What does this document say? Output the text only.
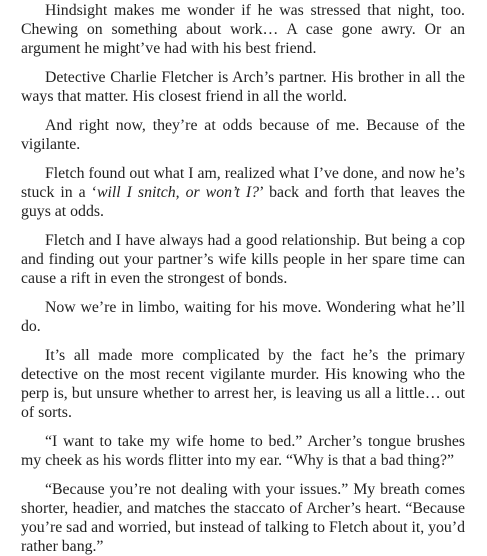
Hindsight makes me wonder if he was stressed that night, too. Chewing on something about work… A case gone awry. Or an argument he might’ve had with his best friend.

Detective Charlie Fletcher is Arch’s partner. His brother in all the ways that matter. His closest friend in all the world.

And right now, they’re at odds because of me. Because of the vigilante.

Fletch found out what I am, realized what I’ve done, and now he’s stuck in a ‘will I snitch, or won’t I?’ back and forth that leaves the guys at odds.

Fletch and I have always had a good relationship. But being a cop and finding out your partner’s wife kills people in her spare time can cause a rift in even the strongest of bonds.

Now we’re in limbo, waiting for his move. Wondering what he’ll do.

It’s all made more complicated by the fact he’s the primary detective on the most recent vigilante murder. His knowing who the perp is, but unsure whether to arrest her, is leaving us all a little… out of sorts.

“I want to take my wife home to bed.” Archer’s tongue brushes my cheek as his words flitter into my ear. “Why is that a bad thing?”

“Because you’re not dealing with your issues.” My breath comes shorter, headier, and matches the staccato of Archer’s heart. “Because you’re sad and worried, but instead of talking to Fletch about it, you’d rather bang.”
